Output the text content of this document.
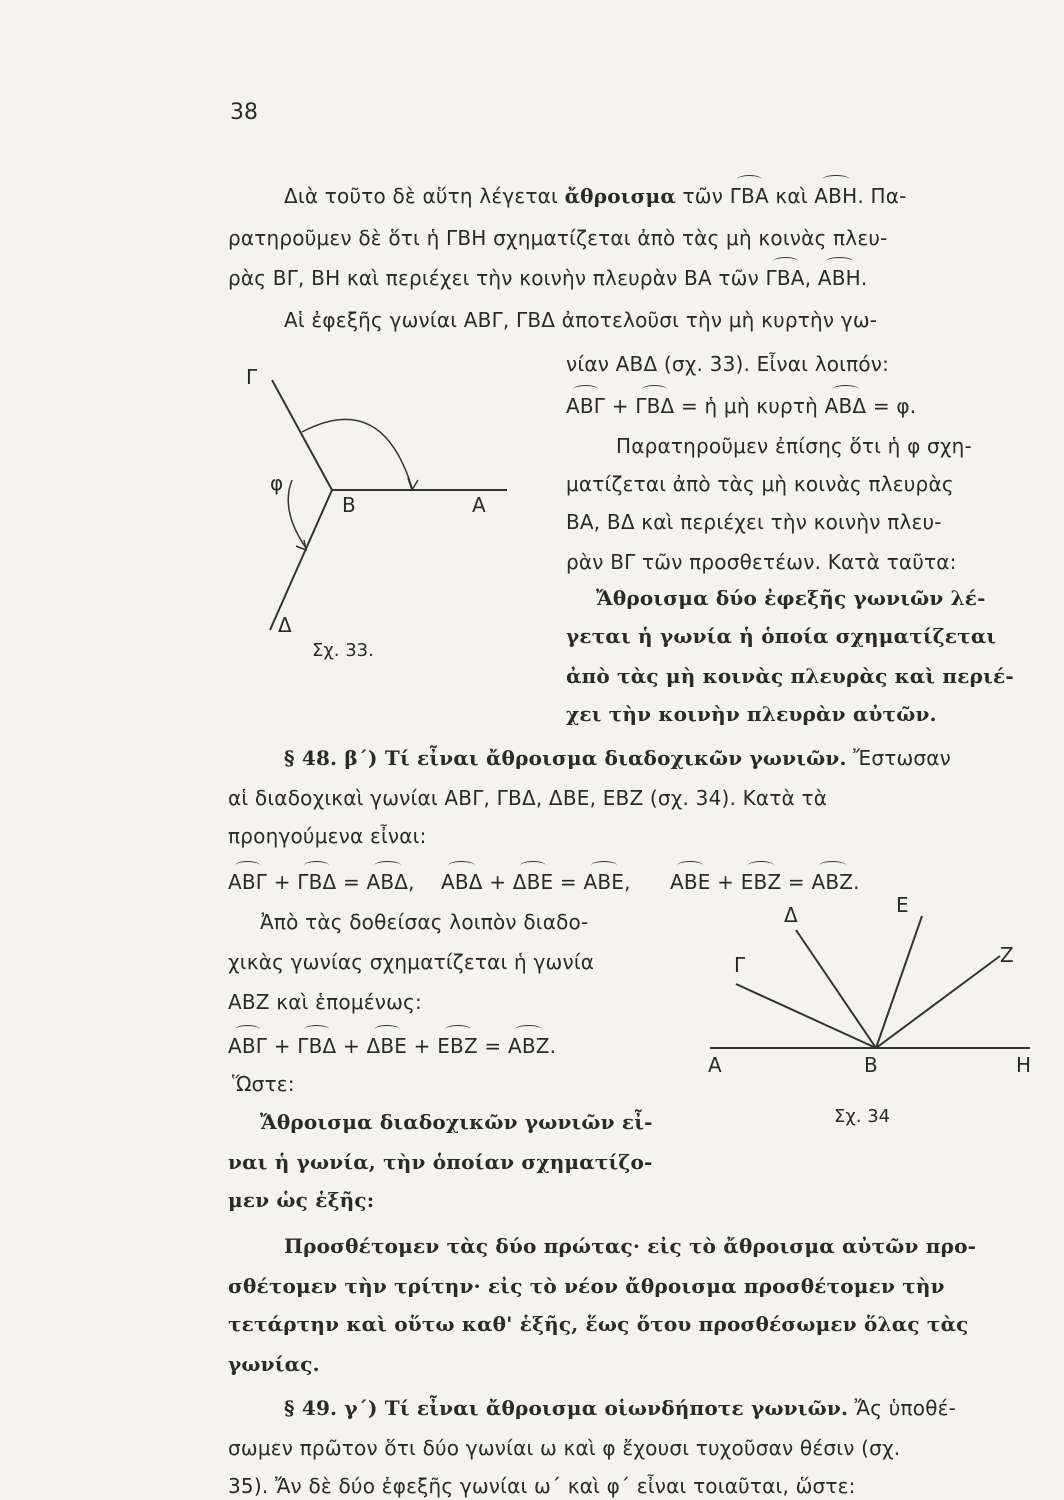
38
Διὰ τοῦτο δὲ αὕτη λέγεται ἄθροισμα τῶν ΓΒΑ καὶ ΑΒΗ. Πα-
ρατηροῦμεν δὲ ὅτι ἡ ΓΒΗ σχηματίζεται ἀπὸ τὰς μὴ κοινὰς πλευ-
ρὰς ΒΓ, ΒΗ καὶ περιέχει τὴν κοινὴν πλευρὰν ΒΑ τῶν ΓΒΑ, ΑΒΗ.
Αἱ ἐφεξῆς γωνίαι ΑΒΓ, ΓΒΔ ἀποτελοῦσι τὴν μὴ κυρτὴν γω-
νίαν ΑΒΔ (σχ. 33). Εἶναι λοιπόν:
ΑΒΓ + ΓΒΔ = ἡ μὴ κυρτὴ ΑΒΔ = φ.
Παρατηροῦμεν ἐπίσης ὅτι ἡ φ σχη-
ματίζεται ἀπὸ τὰς μὴ κοινὰς πλευρὰς
ΒΑ, ΒΔ καὶ περιέχει τὴν κοινὴν πλευ-
ρὰν ΒΓ τῶν προσθετέων. Κατὰ ταῦτα:
Ἄθροισμα δύο ἐφεξῆς γωνιῶν λέ-
γεται ἡ γωνία ἡ ὁποία σχηματίζεται
ἀπὸ τὰς μὴ κοινὰς πλευρὰς καὶ περιέ-
χει τὴν κοινὴν πλευρὰν αὐτῶν.
§ 48. β΄) Τί εἶναι ἄθροισμα διαδοχικῶν γωνιῶν. Ἔστωσαν
αἱ διαδοχικαὶ γωνίαι ΑΒΓ, ΓΒΔ, ΔΒΕ, ΕΒΖ (σχ. 34). Κατὰ τὰ
προηγούμενα εἶναι:
ΑΒΓ + ΓΒΔ = ΑΒΔ,    ΑΒΔ + ΔΒΕ = ΑΒΕ,      ΑΒΕ + ΕΒΖ = ΑΒΖ.
Ἀπὸ τὰς δοθείσας λοιπὸν διαδο-
χικὰς γωνίας σχηματίζεται ἡ γωνία
ΑΒΖ καὶ ἑπομένως:
ΑΒΓ + ΓΒΔ + ΔΒΕ + ΕΒΖ = ΑΒΖ.
Ὥστε:
Ἄθροισμα διαδοχικῶν γωνιῶν εἶ-
ναι ἡ γωνία, τὴν ὁποίαν σχηματίζο-
μεν ὡς ἑξῆς:
Προσθέτομεν τὰς δύο πρώτας· εἰς τὸ ἄθροισμα αὐτῶν προ-
σθέτομεν τὴν τρίτην· εἰς τὸ νέον ἄθροισμα προσθέτομεν τὴν
τετάρτην καὶ οὕτω καθ' ἑξῆς, ἕως ὅτου προσθέσωμεν ὅλας τὰς
γωνίας.
§ 49. γ΄) Τί εἶναι ἄθροισμα οἱωνδήποτε γωνιῶν. Ἄς ὑποθέ-
σωμεν πρῶτον ὅτι δύο γωνίαι ω καὶ φ ἔχουσι τυχοῦσαν θέσιν (σχ.
35). Ἄν δὲ δύο ἐφεξῆς γωνίαι ω΄ καὶ φ΄ εἶναι τοιαῦται, ὥστε:
Γ
φ
Β	Α
Δ
Σχ. 33.
Δ	Ε
Γ	Ζ
Α	Β	Η
Σχ. 34
